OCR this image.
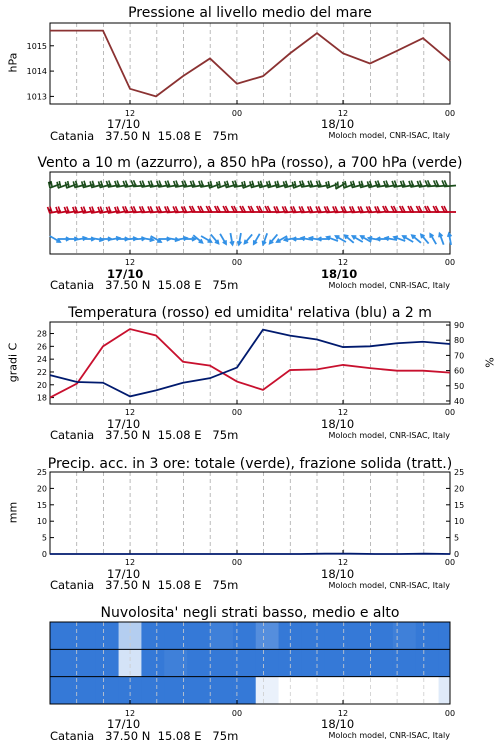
Pressione al livello medio del mare
hPa
1013
1014
1015
12	00	12	00
17/10	18/10
Catania   37.50 N  15.08 E   75m	Moloch model, CNR-ISAC, Italy
Vento a 10 m (azzurro), a 850 hPa (rosso), a 700 hPa (verde)
12	00	12	00
17/10	18/10
Catania   37.50 N  15.08 E   75m	Moloch model, CNR-ISAC, Italy
Temperatura (rosso) ed umidita' relativa (blu) a 2 m
gradi C	%
18
20
22
24
26
28
40
50
60
70
80
90
12	00	12	00
17/10	18/10
Catania   37.50 N  15.08 E   75m	Moloch model, CNR-ISAC, Italy
Precip. acc. in 3 ore: totale (verde), frazione solida (tratt.)
mm
0	0
5	5
10	10
15	15
20	20
25	25
12	00	12	00
17/10	18/10
Catania   37.50 N  15.08 E   75m	Moloch model, CNR-ISAC, Italy
Nuvolosita' negli strati basso, medio e alto
12	00	12	00
17/10	18/10
Catania   37.50 N  15.08 E   75m	Moloch model, CNR-ISAC, Italy
